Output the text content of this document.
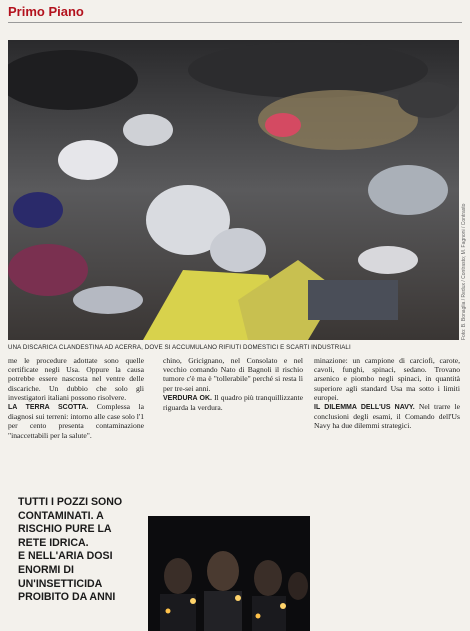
Primo Piano
Foto: B. Bonaglia / Redux / Contrasto; M. Fagnoni / Contrasto
UNA DISCARICA CLANDESTINA AD ACERRA, DOVE SI ACCUMULANO RIFIUTI DOMESTICI E SCARTI INDUSTRIALI

me le procedure adottate sono quelle certificate negli Usa. Oppure la causa potrebbe essere nascosta nel ventre delle discariche. Un dubbio che solo gli investigatori italiani possono risolvere.

LA TERRA SCOTTA. Complessa la diagnosi sui terreni: intorno alle case solo l'1 per cento presenta contaminazione "inaccettabili per la salute".

chino, Gricignano, nel Consolato e nel vecchio comando Nato di Bagnoli il rischio tumore c'è ma è "tollerabile" perché si resta lì per tre-sei anni.

VERDURA OK. Il quadro più tranquillizzante riguarda la verdura.

minazione: un campione di carciofi, carote, cavoli, funghi, spinaci, sedano. Trovano arsenico e piombo negli spinaci, in quantità superiore agli standard Usa ma sotto i limiti europei.

IL DILEMMA DELL'US NAVY. Nel trarre le conclusioni degli esami, il Comando dell'Us Navy ha due dilemmi strategici.

TUTTI I POZZI SONO

CONTAMINATI. A

RISCHIO PURE LA

RETE IDRICA.

E NELL'ARIA DOSI

ENORMI DI

UN'INSETTICIDA

PROIBITO DA ANNI
